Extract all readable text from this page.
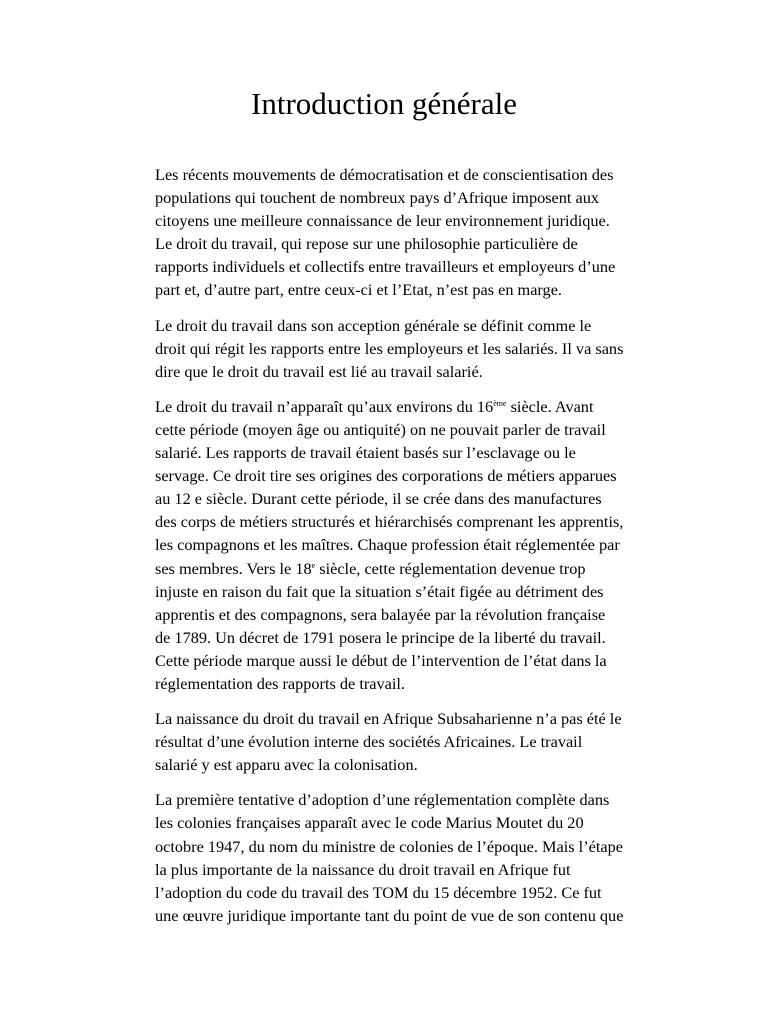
Introduction générale

Les récents mouvements de démocratisation et de conscientisation des
populations qui touchent de nombreux pays d’Afrique imposent aux
citoyens une meilleure connaissance de leur environnement juridique.
Le droit du travail, qui repose sur une philosophie particulière de
rapports individuels et collectifs entre travailleurs et employeurs d’une
part et, d’autre part, entre ceux-ci et l’Etat, n’est pas en marge.

Le droit du travail dans son acception générale se définit comme le
droit qui régit les rapports entre les employeurs et les salariés. Il va sans
dire que le droit du travail est lié au travail salarié.

Le droit du travail n’apparaît qu’aux environs du 16ème siècle. Avant
cette période (moyen âge ou antiquité) on ne pouvait parler de travail
salarié. Les rapports de travail étaient basés sur l’esclavage ou le
servage. Ce droit tire ses origines des corporations de métiers apparues
au 12 e siècle. Durant cette période, il se crée dans des manufactures
des corps de métiers structurés et hiérarchisés comprenant les apprentis,
les compagnons et les maîtres. Chaque profession était réglementée par
ses membres. Vers le 18e siècle, cette réglementation devenue trop
injuste en raison du fait que la situation s’était figée au détriment des
apprentis et des compagnons, sera balayée par la révolution française
de 1789. Un décret de 1791 posera le principe de la liberté du travail.
Cette période marque aussi le début de l’intervention de l’état dans la
réglementation des rapports de travail.

La naissance du droit du travail en Afrique Subsaharienne n’a pas été le
résultat d’une évolution interne des sociétés Africaines. Le travail
salarié y est apparu avec la colonisation.

La première tentative d’adoption d’une réglementation complète dans
les colonies françaises apparaît avec le code Marius Moutet du 20
octobre 1947, du nom du ministre de colonies de l’époque. Mais l’étape
la plus importante de la naissance du droit travail en Afrique fut
l’adoption du code du travail des TOM du 15 décembre 1952. Ce fut
une œuvre juridique importante tant du point de vue de son contenu que
